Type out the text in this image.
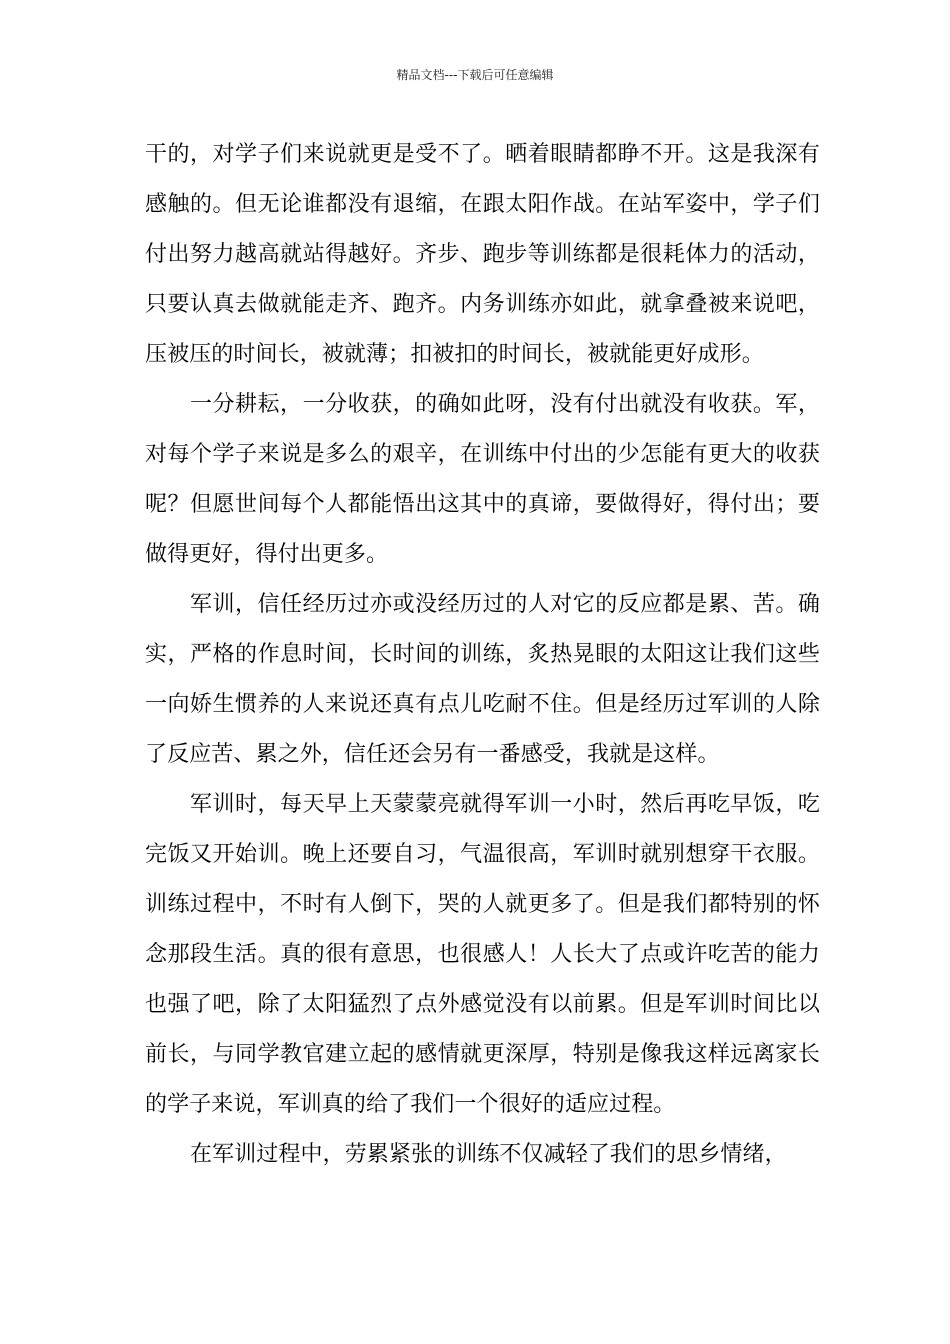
精品文档---下载后可任意编辑

干的，对学子们来说就更是受不了。晒着眼睛都睁不开。这是我深有感触的。但无论谁都没有退缩，在跟太阳作战。在站军姿中，学子们付出努力越高就站得越好。齐步、跑步等训练都是很耗体力的活动，只要认真去做就能走齐、跑齐。内务训练亦如此，就拿叠被来说吧，压被压的时间长，被就薄；扣被扣的时间长，被就能更好成形。

一分耕耘，一分收获，的确如此呀，没有付出就没有收获。军，对每个学子来说是多么的艰辛，在训练中付出的少怎能有更大的收获呢？但愿世间每个人都能悟出这其中的真谛，要做得好，得付出；要做得更好，得付出更多。

军训，信任经历过亦或没经历过的人对它的反应都是累、苦。确实，严格的作息时间，长时间的训练，炙热晃眼的太阳这让我们这些一向娇生惯养的人来说还真有点儿吃耐不住。但是经历过军训的人除了反应苦、累之外，信任还会另有一番感受，我就是这样。

军训时，每天早上天蒙蒙亮就得军训一小时，然后再吃早饭，吃完饭又开始训。晚上还要自习，气温很高，军训时就别想穿干衣服。训练过程中，不时有人倒下，哭的人就更多了。但是我们都特别的怀念那段生活。真的很有意思，也很感人！人长大了点或许吃苦的能力也强了吧，除了太阳猛烈了点外感觉没有以前累。但是军训时间比以前长，与同学教官建立起的感情就更深厚，特别是像我这样远离家长的学子来说，军训真的给了我们一个很好的适应过程。

在军训过程中，劳累紧张的训练不仅减轻了我们的思乡情绪，
